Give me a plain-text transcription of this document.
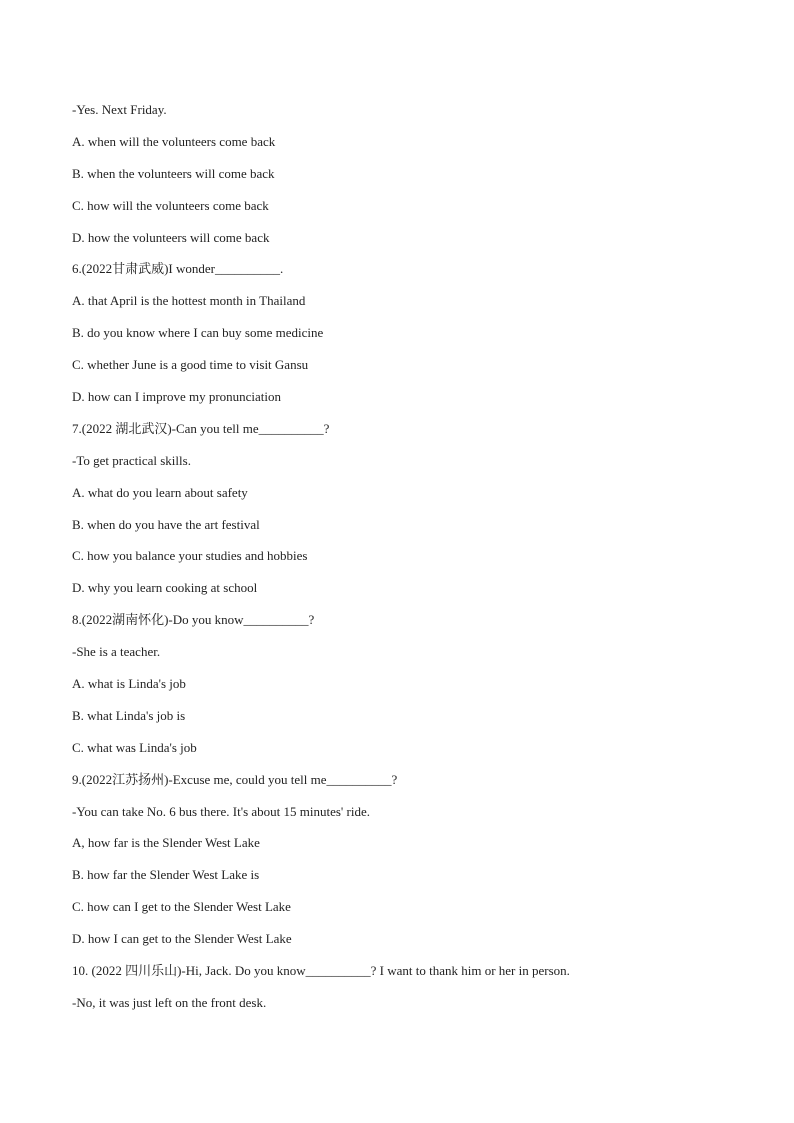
-Yes. Next Friday.
A. when will the volunteers come back
B. when the volunteers will come back
C. how will the volunteers come back
D. how the volunteers will come back
6.(2022甘肃武威)I wonder__________.
A. that April is the hottest month in Thailand
B. do you know where I can buy some medicine
C. whether June is a good time to visit Gansu
D. how can I improve my pronunciation
7.(2022 湖北武汉)-Can you tell me__________?
-To get practical skills.
A. what do you learn about safety
B. when do you have the art festival
C. how you balance your studies and hobbies
D. why you learn cooking at school
8.(2022湖南怀化)-Do you know__________?
-She is a teacher.
A. what is Linda's job
B. what Linda's job is
C. what was Linda's job
9.(2022江苏扬州)-Excuse me, could you tell me__________?
-You can take No. 6 bus there. It's about 15 minutes' ride.
A, how far is the Slender West Lake
B. how far the Slender West Lake is
C. how can I get to the Slender West Lake
D. how I can get to the Slender West Lake
10. (2022 四川乐山)-Hi, Jack. Do you know__________? I want to thank him or her in person.
-No, it was just left on the front desk.
